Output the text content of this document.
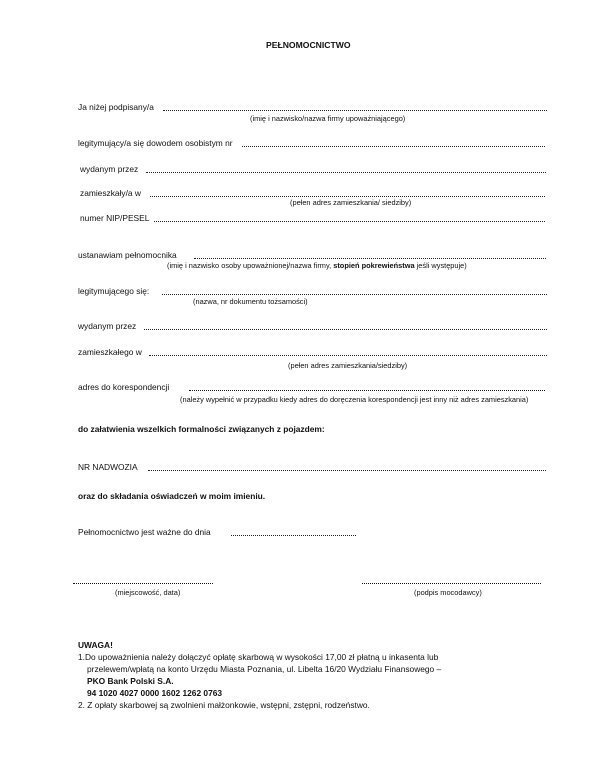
PEŁNOMOCNICTWO
Ja niżej podpisany/a
(imię i nazwisko/nazwa firmy upoważniającego)
legitymujący/a się dowodem osobistym nr
wydanym przez
zamieszkały/a w
(pełen adres zamieszkania/ siedziby)
numer NIP/PESEL
ustanawiam pełnomocnika
(imię i nazwisko osoby upoważnionej/nazwa firmy, stopień pokrewieństwa jeśli występuje)
legitymującego się:
(nazwa, nr dokumentu tożsamości)
wydanym przez
zamieszkałego w
(pełen adres zamieszkania/siedziby)
adres do korespondencji
(należy wypełnić w przypadku kiedy adres do doręczenia korespondencji jest inny niż adres zamieszkania)
do załatwienia wszelkich formalności związanych z pojazdem:
NR NADWOZIA
oraz do składania oświadczeń w moim imieniu.
Pełnomocnictwo jest ważne do dnia
(miejscowość, data)	(podpis mocodawcy)
UWAGA!
1.Do upoważnienia należy dołączyć opłatę skarbową w wysokości 17,00 zł płatną u inkasenta lub
przelewem/wpłatą na konto Urzędu Miasta Poznania, ul. Libelta 16/20 Wydziału Finansowego –
PKO Bank Polski S.A.
94 1020 4027 0000 1602 1262 0763
2. Z opłaty skarbowej są zwolnieni małżonkowie, wstępni, zstępni, rodzeństwo.
